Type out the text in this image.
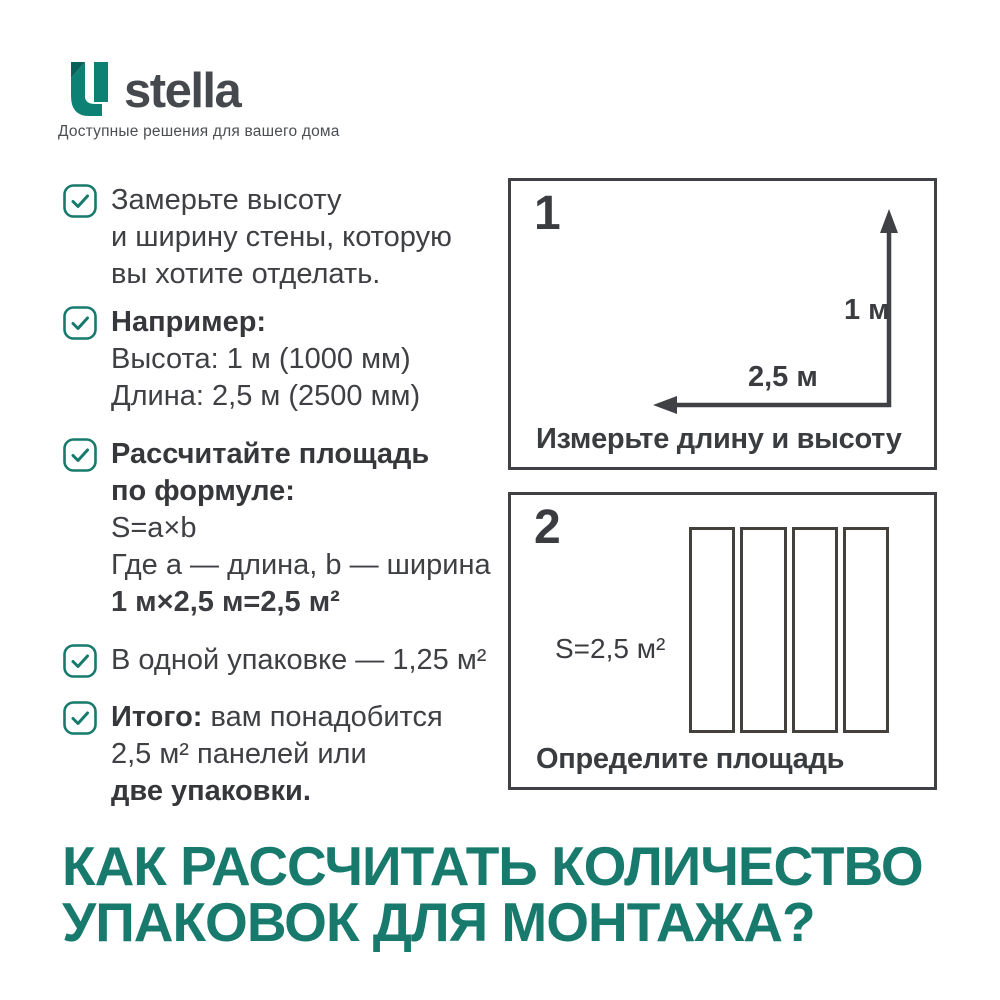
stella
Доступные решения для вашего дома
Замерьте высоту
и ширину стены, которую
вы хотите отделать.
Например:
Высота: 1 м (1000 мм)
Длина: 2,5 м (2500 мм)
Рассчитайте площадь
по формуле:
S=a×b
Где a — длина, b — ширина
1 м×2,5 м=2,5 м²
В одной упаковке — 1,25 м²
Итого: вам понадобится
2,5 м² панелей или
две упаковки.
1
1 м
2,5 м
Измерьте длину и высоту
2
S=2,5 м²
Определите площадь
КАК РАССЧИТАТЬ КОЛИЧЕСТВО
УПАКОВОК ДЛЯ МОНТАЖА?
